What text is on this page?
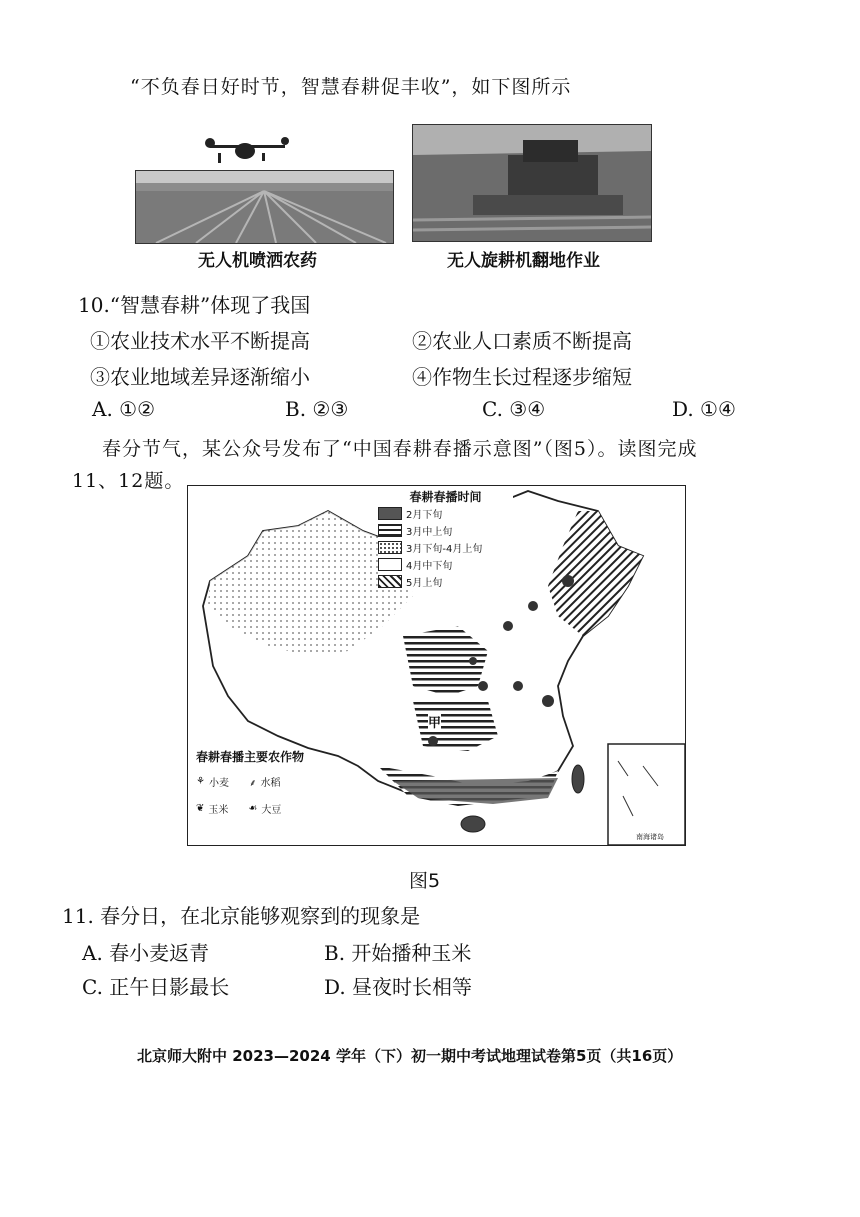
“不负春日好时节，智慧春耕促丰收”，如下图所示
无人机喷洒农药	无人旋耕机翻地作业
10.“智慧春耕”体现了我国
①农业技术水平不断提高	②农业人口素质不断提高
③农业地域差异逐渐缩小	④作物生长过程逐步缩短
A. ①②	B. ②③	C. ③④	D. ①④
春分节气，某公众号发布了“中国春耕春播示意图”（图5）。读图完成
11、12题。
春耕春播时间
2月下旬
3月中上旬
3月下旬-4月上旬
4月中下旬
5月上旬
甲
春耕春播主要农作物
⚘ 小麦 ⸙ 水稻
❦ 玉米 ☙ 大豆
南海诸岛
图5
11. 春分日，在北京能够观察到的现象是
A. 春小麦返青	B. 开始播种玉米
C. 正午日影最长	D. 昼夜时长相等
北京师大附中 2023—2024 学年（下）初一期中考试地理试卷第5页（共16页）
